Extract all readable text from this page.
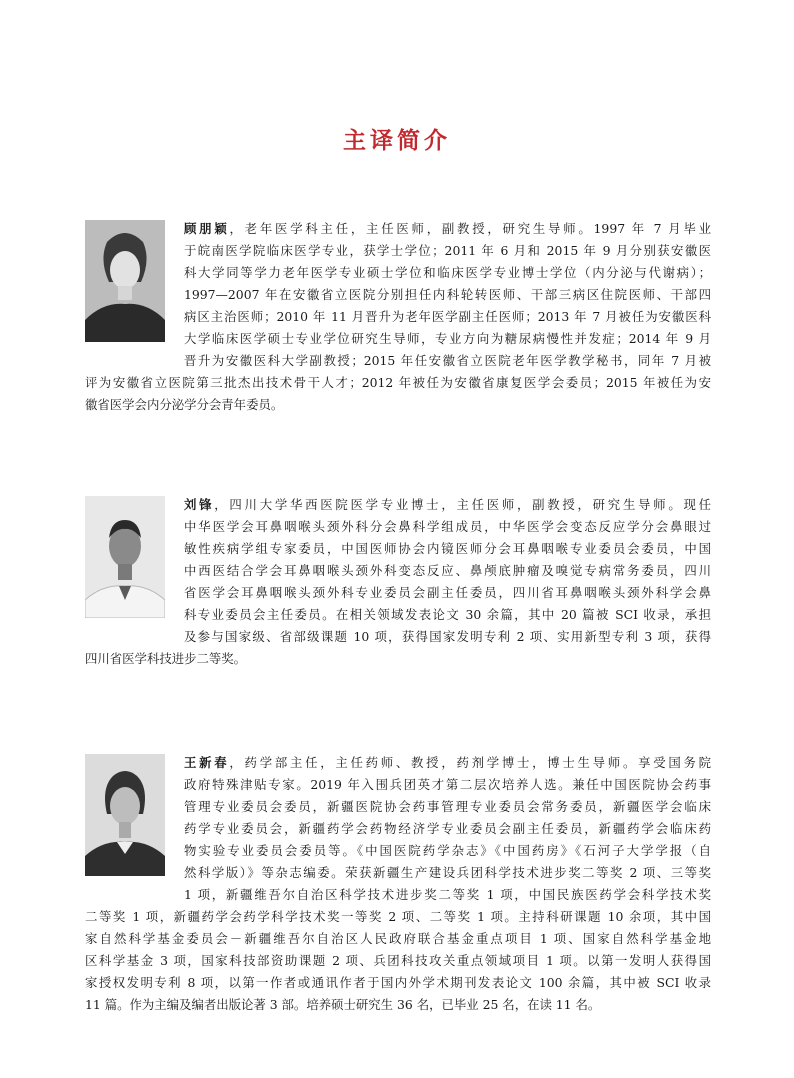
主译简介
顾朋颖，老年医学科主任，主任医师，副教授，研究生导师。1997 年 7 月毕业
于皖南医学院临床医学专业，获学士学位；2011 年 6 月和 2015 年 9 月分别获安徽医
科大学同等学力老年医学专业硕士学位和临床医学专业博士学位（内分泌与代谢病）；
1997—2007 年在安徽省立医院分别担任内科轮转医师、干部三病区住院医师、干部四
病区主治医师；2010 年 11 月晋升为老年医学副主任医师；2013 年 7 月被任为安徽医科
大学临床医学硕士专业学位研究生导师，专业方向为糖尿病慢性并发症；2014 年 9 月
晋升为安徽医科大学副教授；2015 年任安徽省立医院老年医学教学秘书，同年 7 月被
评为安徽省立医院第三批杰出技术骨干人才；2012 年被任为安徽省康复医学会委员；2015 年被任为安
徽省医学会内分泌学分会青年委员。
刘锋，四川大学华西医院医学专业博士，主任医师，副教授，研究生导师。现任
中华医学会耳鼻咽喉头颈外科分会鼻科学组成员，中华医学会变态反应学分会鼻眼过
敏性疾病学组专家委员，中国医师协会内镜医师分会耳鼻咽喉专业委员会委员，中国
中西医结合学会耳鼻咽喉头颈外科变态反应、鼻颅底肿瘤及嗅觉专病常务委员，四川
省医学会耳鼻咽喉头颈外科专业委员会副主任委员，四川省耳鼻咽喉头颈外科学会鼻
科专业委员会主任委员。在相关领域发表论文 30 余篇，其中 20 篇被 SCI 收录，承担
及参与国家级、省部级课题 10 项，获得国家发明专利 2 项、实用新型专利 3 项，获得
四川省医学科技进步二等奖。
王新春，药学部主任，主任药师、教授，药剂学博士，博士生导师。享受国务院
政府特殊津贴专家。2019 年入围兵团英才第二层次培养人选。兼任中国医院协会药事
管理专业委员会委员，新疆医院协会药事管理专业委员会常务委员，新疆医学会临床
药学专业委员会，新疆药学会药物经济学专业委员会副主任委员，新疆药学会临床药
物实验专业委员会委员等。《中国医院药学杂志》《中国药房》《石河子大学学报（自
然科学版）》等杂志编委。荣获新疆生产建设兵团科学技术进步奖二等奖 2 项、三等奖
1 项，新疆维吾尔自治区科学技术进步奖二等奖 1 项，中国民族医药学会科学技术奖
二等奖 1 项，新疆药学会药学科学技术奖一等奖 2 项、二等奖 1 项。主持科研课题 10 余项，其中国
家自然科学基金委员会－新疆维吾尔自治区人民政府联合基金重点项目 1 项、国家自然科学基金地
区科学基金 3 项，国家科技部资助课题 2 项、兵团科技攻关重点领域项目 1 项。以第一发明人获得国
家授权发明专利 8 项，以第一作者或通讯作者于国内外学术期刊发表论文 100 余篇，其中被 SCI 收录
11 篇。作为主编及编者出版论著 3 部。培养硕士研究生 36 名，已毕业 25 名，在读 11 名。
